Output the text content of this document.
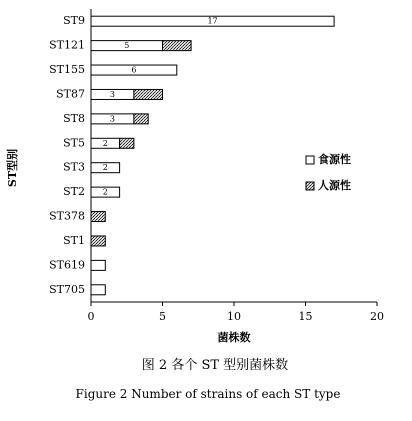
17
5
6
3
3
2
2
2
ST9
ST121
ST155
ST87
ST8
ST5
ST3
ST2
ST378
ST1
ST619
ST705
0	5	10	15	20
ST型别
菌株数
食源性
人源性
图 2 各个 ST 型别菌株数
Figure 2 Number of strains of each ST type
